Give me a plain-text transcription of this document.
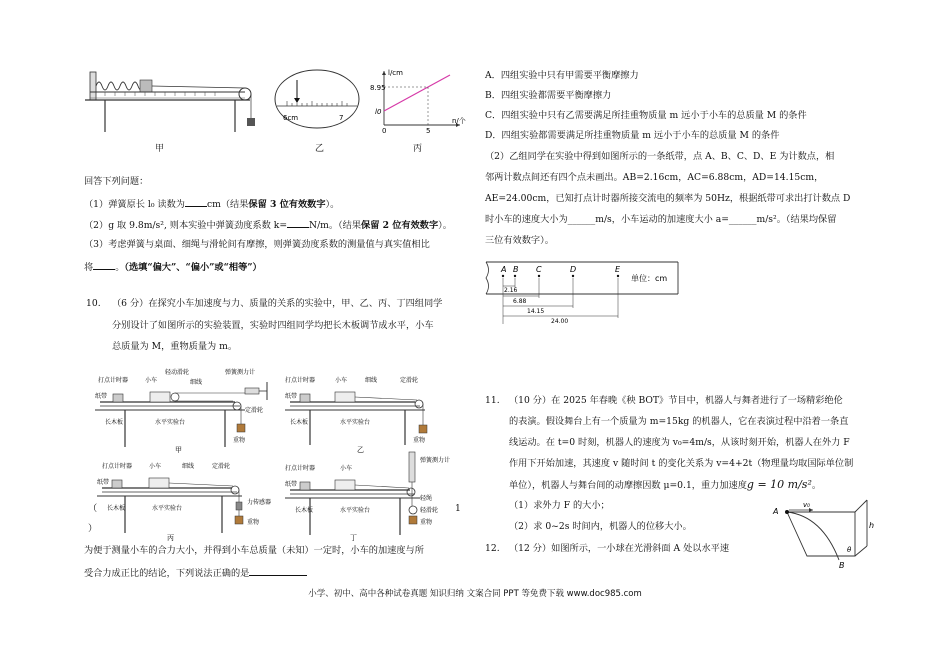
6cm	7
l/cm
n/个
8.95
l0
0	5
甲	乙	丙
回答下列问题：
（1）弹簧原长 l₀ 读数为 cm（结果保留 3 位有效数字）。
（2）g 取 9.8m/s², 则本实验中弹簧劲度系数 k= N/m。（结果保留 2 位有效数字）。
（3）考虑弹簧与桌面、细绳与滑轮间有摩擦，则弹簧劲度系数的测量值与真实值相比
将 。（选填“偏大”、“偏小”或“相等”）
10. （6 分）在探究小车加速度与力、质量的关系的实验中，甲、乙、丙、丁四组同学
分别设计了如图所示的实验装置，实验时四组同学均把长木板调节成水平，小车
总质量为 M，重物质量为 m。
轻动滑轮	弹簧测力计
打点计时器	小车	细线
纸带
定滑轮
长木板	水平实验台
重物
甲
打点计时器	小车	细线	定滑轮
纸带
长木板	水平实验台
重物
乙
打点计时器	小车	细线	定滑轮
纸带
力传感器
长木板	水平实验台
重物
丙
弹簧测力计
打点计时器	小车
轻绳
纸带
轻滑轮
长木板	水平实验台
重物
丁
（
）
1
为便于测量小车的合力大小，并得到小车总质量（未知）一定时，小车的加速度与所
受合力成正比的结论，下列说法正确的是
A．四组实验中只有甲需要平衡摩擦力
B．四组实验都需要平衡摩擦力
C．四组实验中只有乙需要满足所挂重物质量 m 远小于小车的总质量 M 的条件
D．四组实验都需要满足所挂重物质量 m 远小于小车的总质量 M 的条件
（2）乙组同学在实验中得到如图所示的一条纸带，点 A、B、C、D、E 为计数点，相
邻两计数点间还有四个点未画出。AB=2.16cm，AC=6.88cm，AD=14.15cm，
AE=24.00cm，已知打点计时器所接交流电的频率为 50Hz，根据纸带可求出打计数点 D
时小车的速度大小为______m/s，小车运动的加速度大小 a=______m/s²。（结果均保留
三位有效数字）。
A B C	D	E
2.16
6.88
14.15
24.00
单位：cm
11. （10 分）在 2025 年春晚《秧 BOT》节目中，机器人与舞者进行了一场精彩绝伦
的表演。假设舞台上有一个质量为 m=15kg 的机器人，它在表演过程中沿着一条直
线运动。在 t=0 时刻，机器人的速度为 v₀=4m/s，从该时刻开始，机器人在外力 F
作用下开始加速，其速度 v 随时间 t 的变化关系为 v=4+2t（物理量均取国际单位制
单位），机器人与舞台间的动摩擦因数 μ=0.1，重力加速度g = 10 m/s²。
（1）求外力 F 的大小；
（2）求 0~2s 时间内，机器人的位移大小。
12. （12 分）如图所示，一小球在光滑斜面 A 处以水平速
A
v₀
h
θ
B
小学、初中、高中各种试卷真题 知识归纳 文案合同 PPT 等免费下载 www.doc985.com
